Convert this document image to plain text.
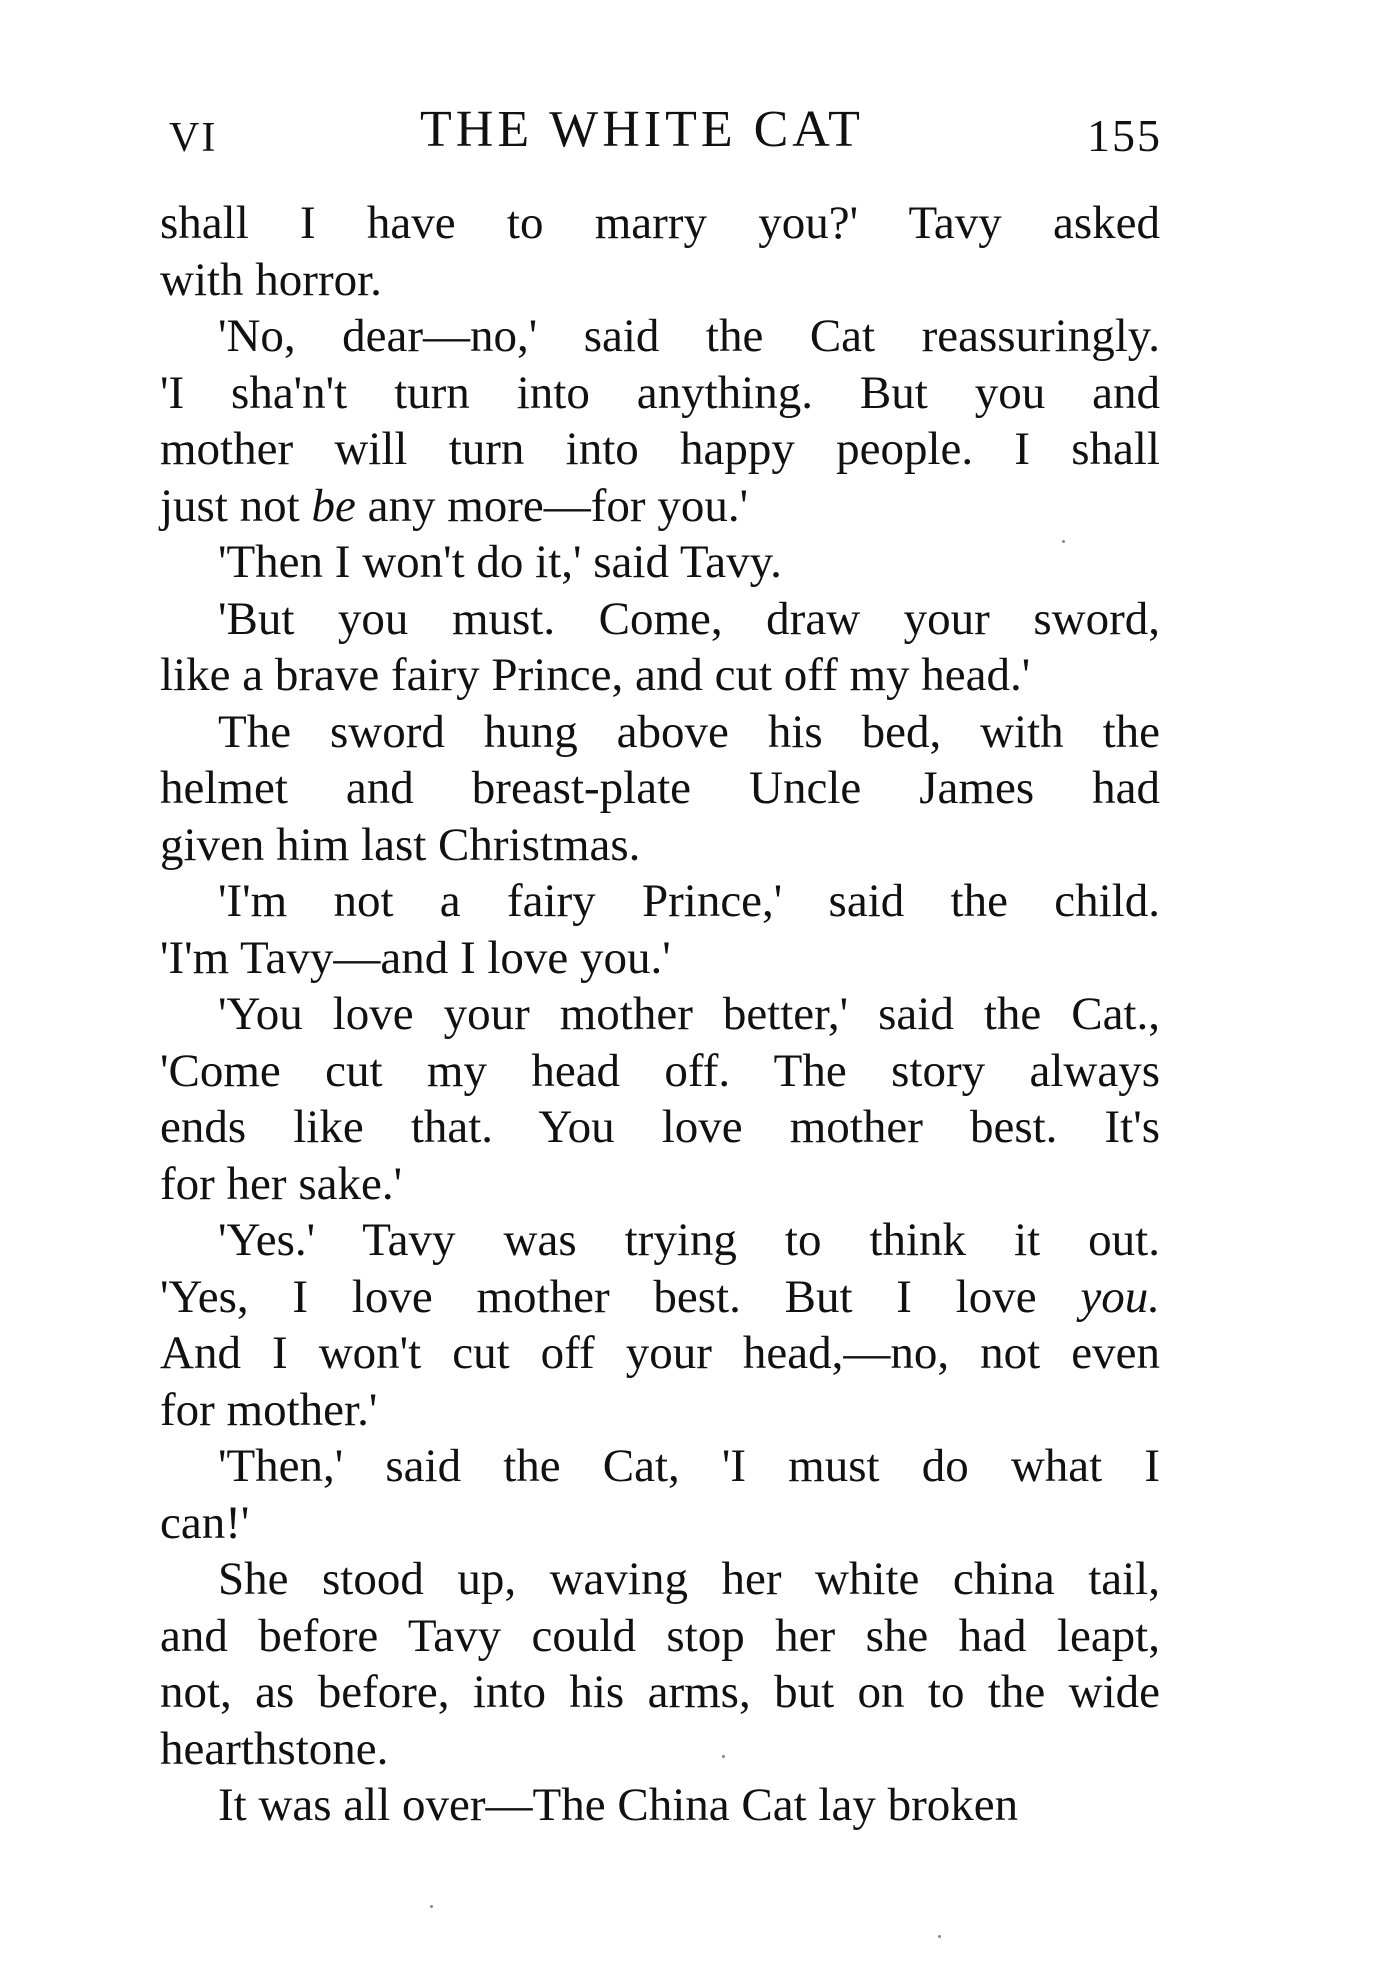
VI	THE WHITE CAT	155
shall I have to marry you?' Tavy asked
with horror.
'No, dear—no,' said the Cat reassuringly.
'I sha'n't turn into anything. But you and
mother will turn into happy people. I shall
just not be any more—for you.'
'Then I won't do it,' said Tavy.
'But you must. Come, draw your sword,
like a brave fairy Prince, and cut off my head.'
The sword hung above his bed, with the
helmet and breast-plate Uncle James had
given him last Christmas.
'I'm not a fairy Prince,' said the child.
'I'm Tavy—and I love you.'
'You love your mother better,' said the Cat.,
'Come cut my head off. The story always
ends like that. You love mother best. It's
for her sake.'
'Yes.' Tavy was trying to think it out.
'Yes, I love mother best. But I love you.
And I won't cut off your head,—no, not even
for mother.'
'Then,' said the Cat, 'I must do what I
can!'
She stood up, waving her white china tail,
and before Tavy could stop her she had leapt,
not, as before, into his arms, but on to the wide
hearthstone.
It was all over—The China Cat lay broken
